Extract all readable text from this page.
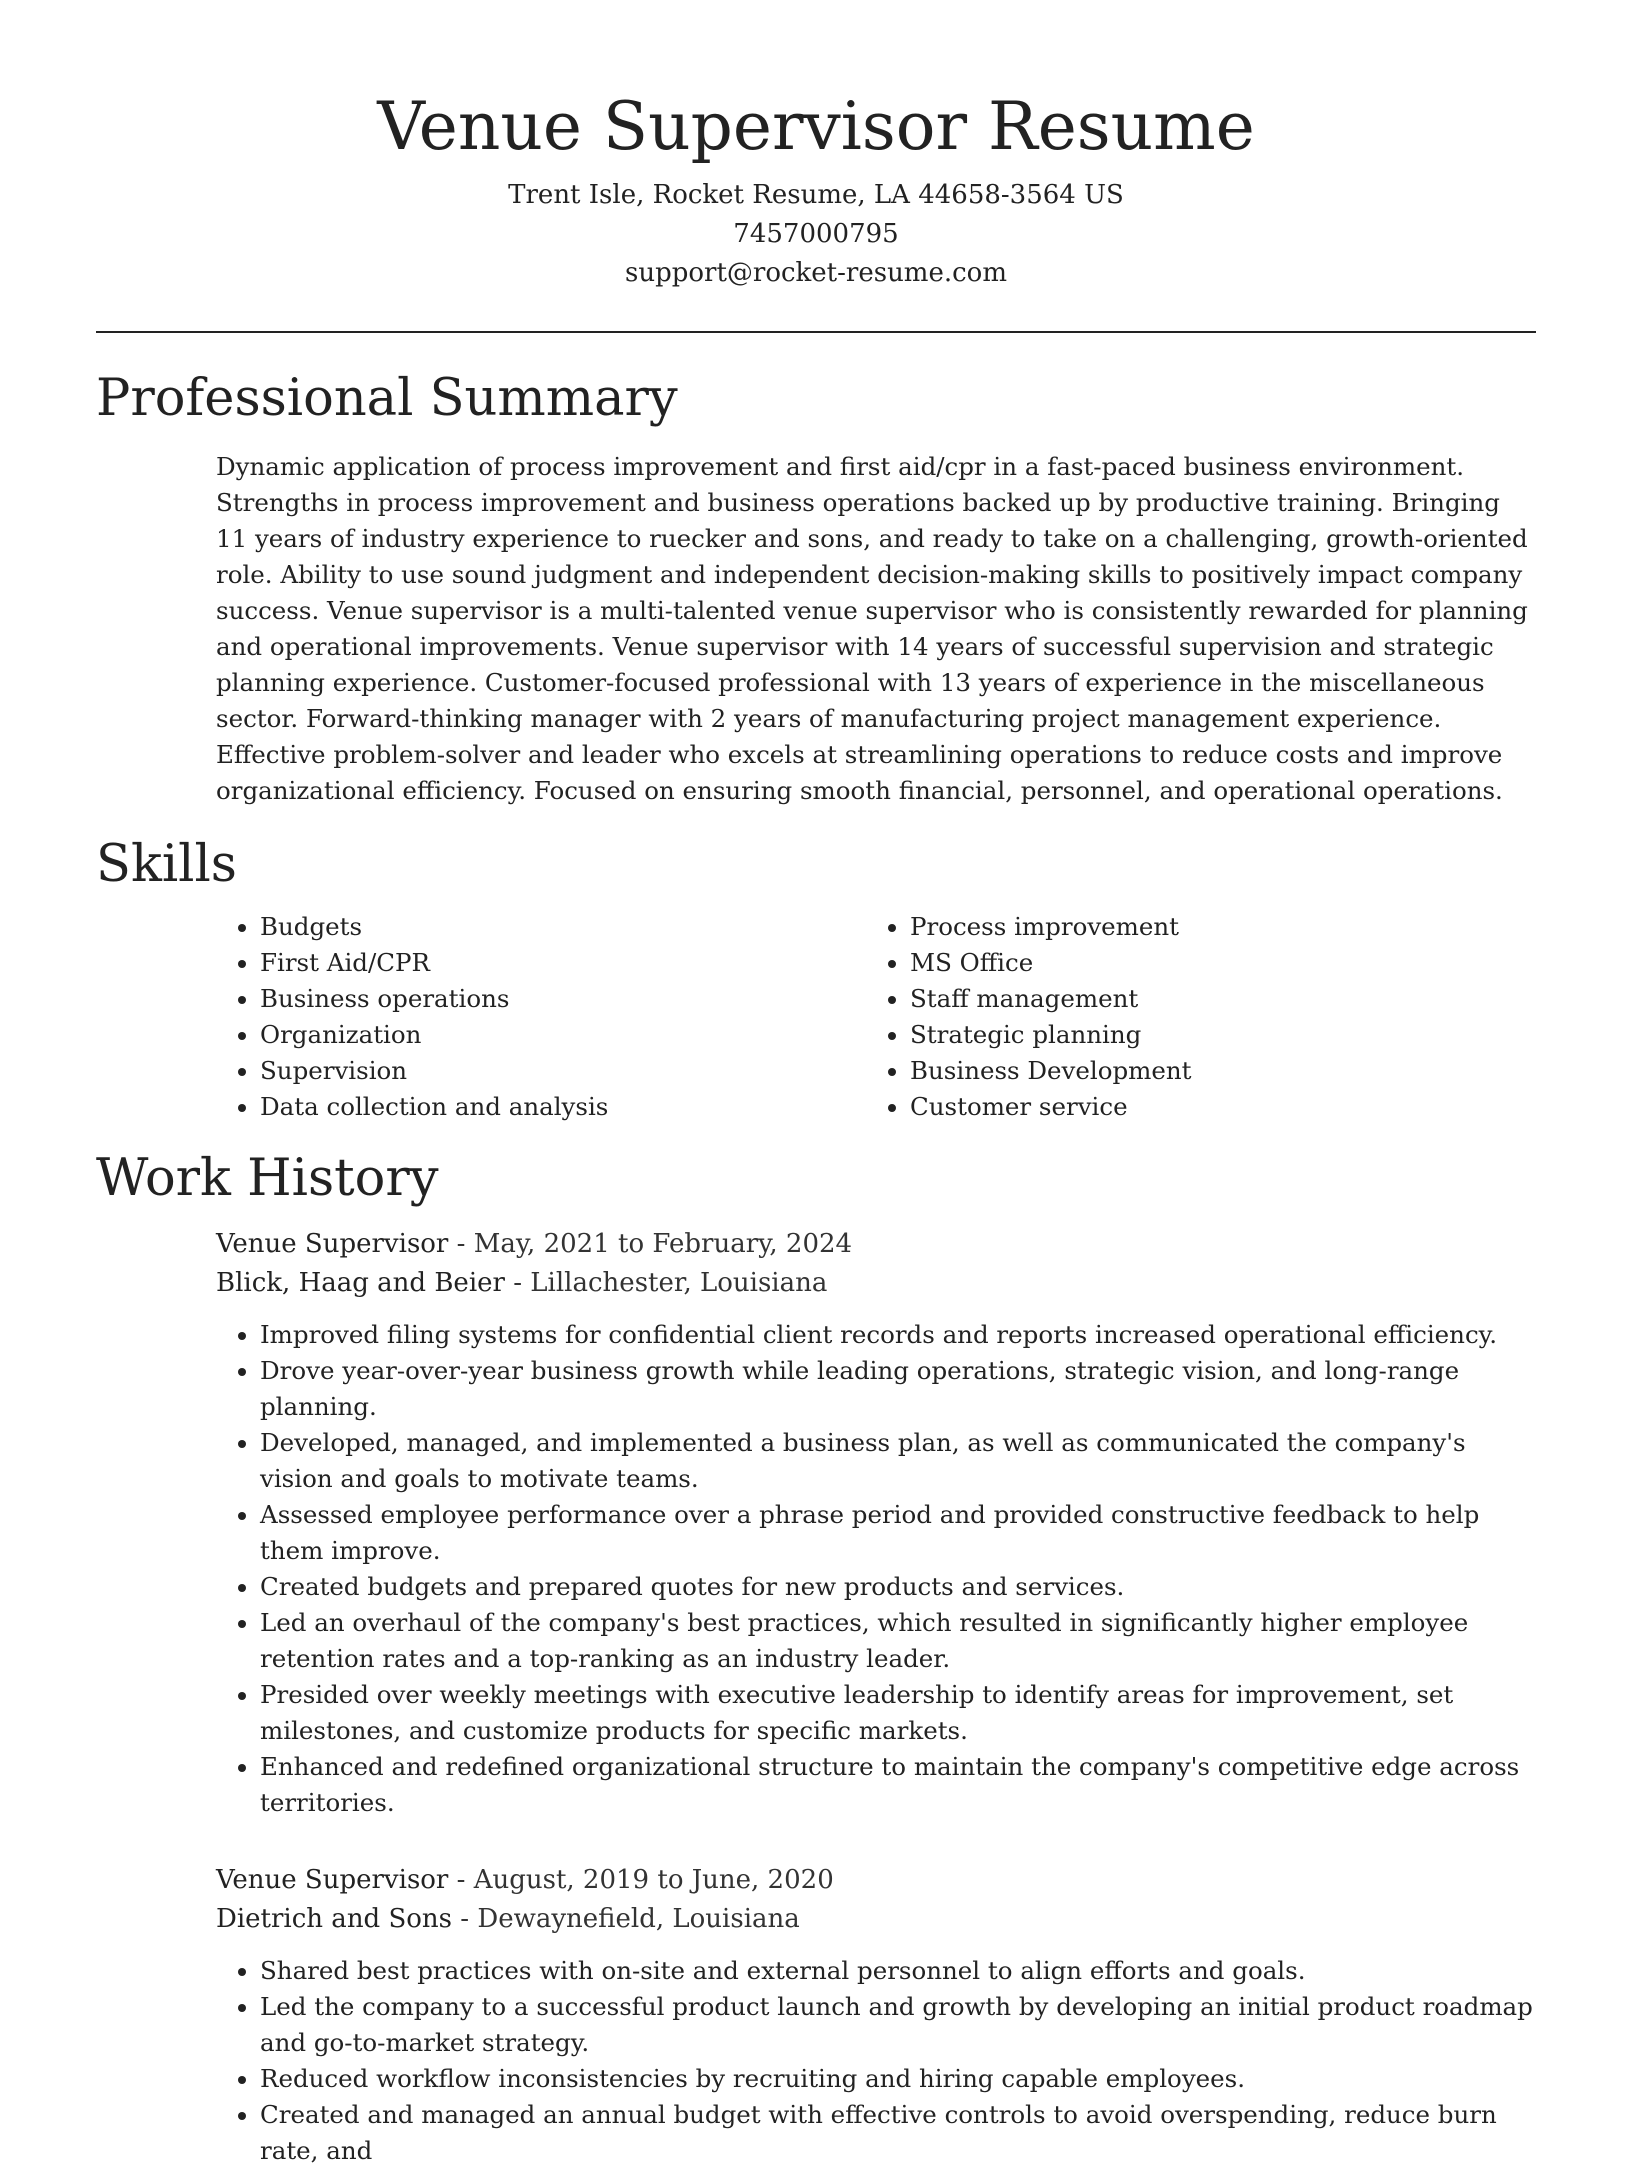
Venue Supervisor Resume
Trent Isle, Rocket Resume, LA 44658-3564 US
7457000795
support@rocket-resume.com
Professional Summary

Dynamic application of process improvement and first aid/cpr in a fast-paced business environment. Strengths in process improvement and business operations backed up by productive training. Bringing 11 years of industry experience to ruecker and sons, and ready to take on a challenging, growth-oriented role. Ability to use sound judgment and independent decision-making skills to positively impact company success. Venue supervisor is a multi-talented venue supervisor who is consistently rewarded for planning and operational improvements. Venue supervisor with 14 years of successful supervision and strategic planning experience. Customer-focused professional with 13 years of experience in the miscellaneous sector. Forward-thinking manager with 2 years of manufacturing project management experience. Effective problem-solver and leader who excels at streamlining operations to reduce costs and improve organizational efficiency. Focused on ensuring smooth financial, personnel, and operational operations.

Skills
• Budgets
• First Aid/CPR
• Business operations
• Organization
• Supervision
• Data collection and analysis
• Process improvement
• MS Office
• Staff management
• Strategic planning
• Business Development
• Customer service
Work History
Venue Supervisor - May, 2021 to February, 2024
Blick, Haag and Beier - Lillachester, Louisiana
• Improved filing systems for confidential client records and reports increased operational efficiency.
• Drove year-over-year business growth while leading operations, strategic vision, and long-range planning.
• Developed, managed, and implemented a business plan, as well as communicated the company's vision and goals to motivate teams.
• Assessed employee performance over a phrase period and provided constructive feedback to help them improve.
• Created budgets and prepared quotes for new products and services.
• Led an overhaul of the company's best practices, which resulted in significantly higher employee retention rates and a top-ranking as an industry leader.
• Presided over weekly meetings with executive leadership to identify areas for improvement, set milestones, and customize products for specific markets.
• Enhanced and redefined organizational structure to maintain the company's competitive edge across territories.
Venue Supervisor - August, 2019 to June, 2020
Dietrich and Sons - Dewaynefield, Louisiana
• Shared best practices with on-site and external personnel to align efforts and goals.
• Led the company to a successful product launch and growth by developing an initial product roadmap and go-to-market strategy.
• Reduced workflow inconsistencies by recruiting and hiring capable employees.
• Created and managed an annual budget with effective controls to avoid overspending, reduce burn rate, and
